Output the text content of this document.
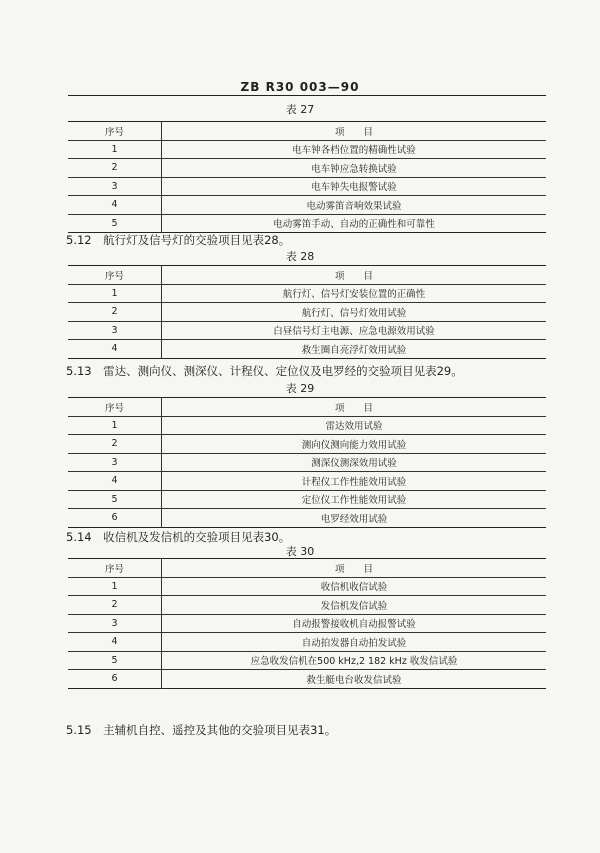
ZB R30 003—90
表 27
序号	项　　目
1	电车钟各档位置的精确性试验
2	电车钟应急转换试验
3	电车钟失电报警试验
4	电动雾笛音响效果试验
5	电动雾笛手动、自动的正确性和可靠性
5.12　航行灯及信号灯的交验项目见表28。
表 28
序号	项　　目
1	航行灯、信号灯安装位置的正确性
2	航行灯、信号灯效用试验
3	白昼信号灯主电源、应急电源效用试验
4	救生圈自亮浮灯效用试验
5.13　雷达、测向仪、测深仪、计程仪、定位仪及电罗经的交验项目见表29。
表 29
序号	项　　目
1	雷达效用试验
2	测向仪测向能力效用试验
3	测深仪测深效用试验
4	计程仪工作性能效用试验
5	定位仪工作性能效用试验
6	电罗经效用试验
5.14　收信机及发信机的交验项目见表30。
表 30
序号	项　　目
1	收信机收信试验
2	发信机发信试验
3	自动报警接收机自动报警试验
4	自动拍发器自动拍发试验
5	应急收发信机在500 kHz,2 182 kHz 收发信试验
6	救生艇电台收发信试验
5.15　主辅机自控、遥控及其他的交验项目见表31。
